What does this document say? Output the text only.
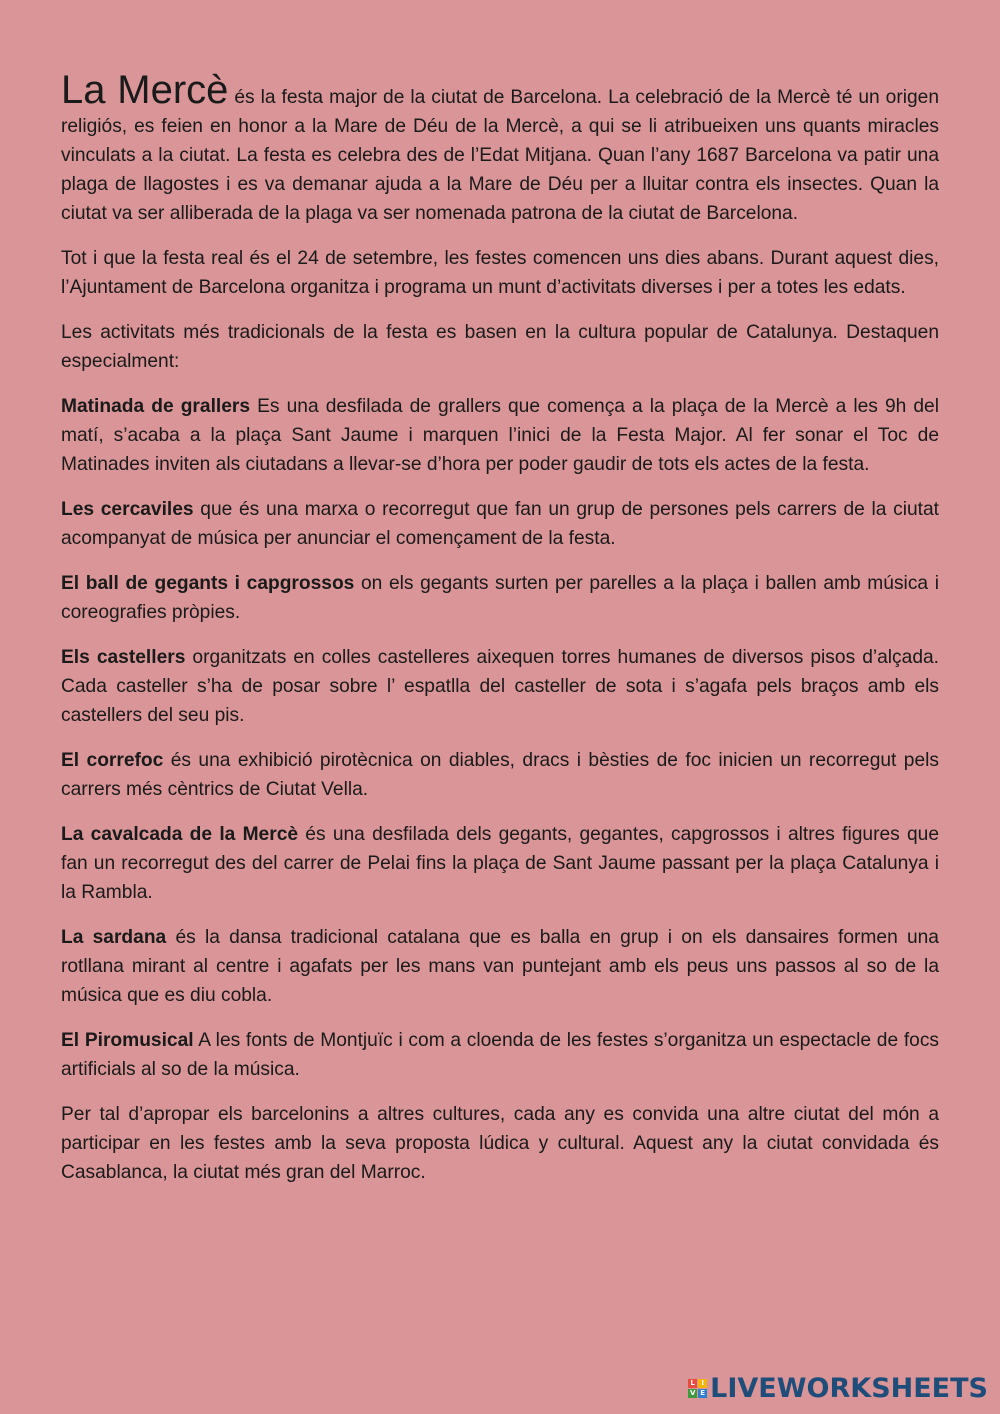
La Mercè és la festa major de la ciutat de Barcelona. La celebració de la Mercè té un origen religiós, es feien en honor a la Mare de Déu de la Mercè, a qui se li atribueixen uns quants miracles vinculats a la ciutat. La festa es celebra des de l’Edat Mitjana. Quan l’any 1687 Barcelona va patir una plaga de llagostes i es va demanar ajuda a la Mare de Déu per a lluitar contra els insectes. Quan la ciutat va ser alliberada de la plaga va ser nomenada patrona de la ciutat de Barcelona.

Tot i que la festa real és el 24 de setembre, les festes comencen uns dies abans. Durant aquest dies, l’Ajuntament de Barcelona organitza i programa un munt d’activitats diverses i per a totes les edats.

Les activitats més tradicionals de la festa es basen en la cultura popular de Catalunya. Destaquen especialment:

Matinada de grallers Es una desfilada de grallers que comença a la plaça de la Mercè a les 9h del matí, s’acaba a la plaça Sant Jaume i marquen l’inici de la Festa Major. Al fer sonar el Toc de Matinades inviten als ciutadans a llevar-se d’hora per poder gaudir de tots els actes de la festa.

Les cercaviles que és una marxa o recorregut que fan un grup de persones pels carrers de la ciutat acompanyat de música per anunciar el començament de la festa.

El ball de gegants i capgrossos on els gegants surten per parelles a la plaça i ballen amb música i coreografies pròpies.

Els castellers organitzats en colles castelleres aixequen torres humanes de diversos pisos d’alçada. Cada casteller s’ha de posar sobre l’ espatlla del casteller de sota i s’agafa pels braços amb els castellers del seu pis.

El correfoc és una exhibició pirotècnica on diables, dracs i bèsties de foc inicien un recorregut pels carrers més cèntrics de Ciutat Vella.

La cavalcada de la Mercè és una desfilada dels gegants, gegantes, capgrossos i altres figures que fan un recorregut des del carrer de Pelai fins la plaça de Sant Jaume passant per la plaça Catalunya i la Rambla.

La sardana és la dansa tradicional catalana que es balla en grup i on els dansaires formen una rotllana mirant al centre i agafats per les mans van puntejant amb els peus uns passos al so de la música que es diu cobla.

El Piromusical A les fonts de Montjuïc i com a cloenda de les festes s’organitza un espectacle de focs artificials al so de la música.

Per tal d’apropar els barcelonins a altres cultures, cada any es convida una altre ciutat del món a participar en les festes amb la seva proposta lúdica y cultural. Aquest any la ciutat convidada és Casablanca, la ciutat més gran del Marroc.

L I
V E LIVEWORKSHEETS
